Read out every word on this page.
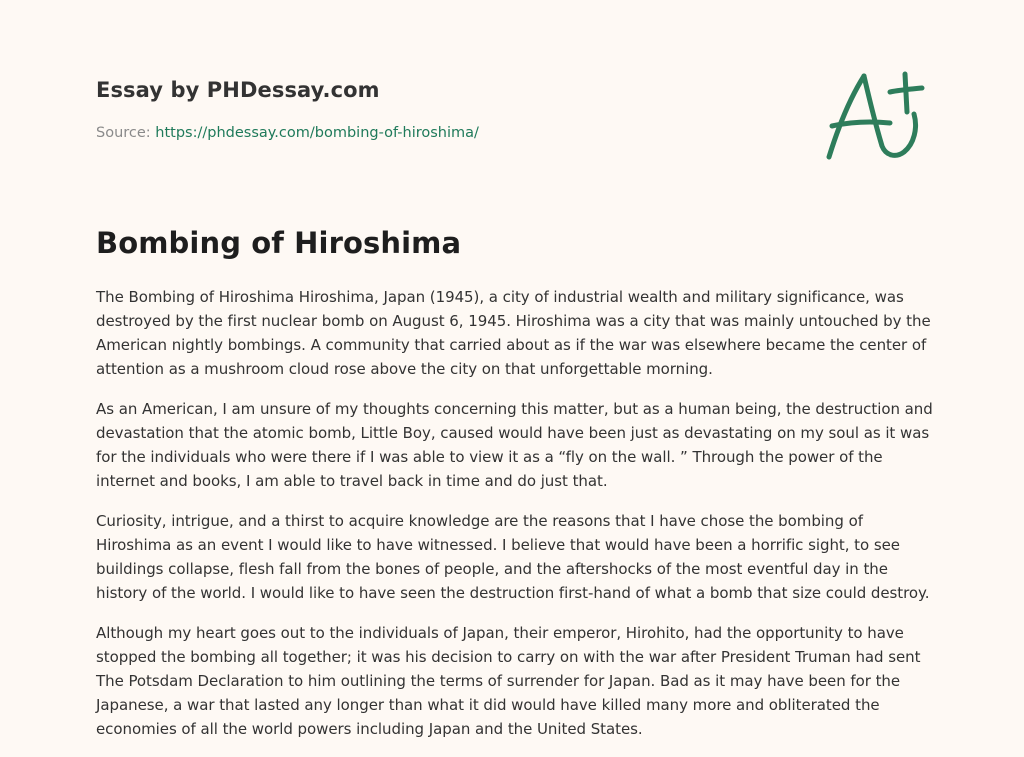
Essay by PHDessay.com

Source: https://phdessay.com/bombing-of-hiroshima/
Bombing of Hiroshima

The Bombing of Hiroshima Hiroshima, Japan (1945), a city of industrial wealth and military significance, was destroyed by the first nuclear bomb on August 6, 1945. Hiroshima was a city that was mainly untouched by the American nightly bombings. A community that carried about as if the war was elsewhere became the center of attention as a mushroom cloud rose above the city on that unforgettable morning.

As an American, I am unsure of my thoughts concerning this matter, but as a human being, the destruction and devastation that the atomic bomb, Little Boy, caused would have been just as devastating on my soul as it was for the individuals who were there if I was able to view it as a “fly on the wall. ” Through the power of the internet and books, I am able to travel back in time and do just that.

Curiosity, intrigue, and a thirst to acquire knowledge are the reasons that I have chose the bombing of Hiroshima as an event I would like to have witnessed. I believe that would have been a horrific sight, to see buildings collapse, flesh fall from the bones of people, and the aftershocks of the most eventful day in the history of the world. I would like to have seen the destruction first-hand of what a bomb that size could destroy.

Although my heart goes out to the individuals of Japan, their emperor, Hirohito, had the opportunity to have stopped the bombing all together; it was his decision to carry on with the war after President Truman had sent The Potsdam Declaration to him outlining the terms of surrender for Japan. Bad as it may have been for the Japanese, a war that lasted any longer than what it did would have killed many more and obliterated the economies of all the world powers including Japan and the United States.
